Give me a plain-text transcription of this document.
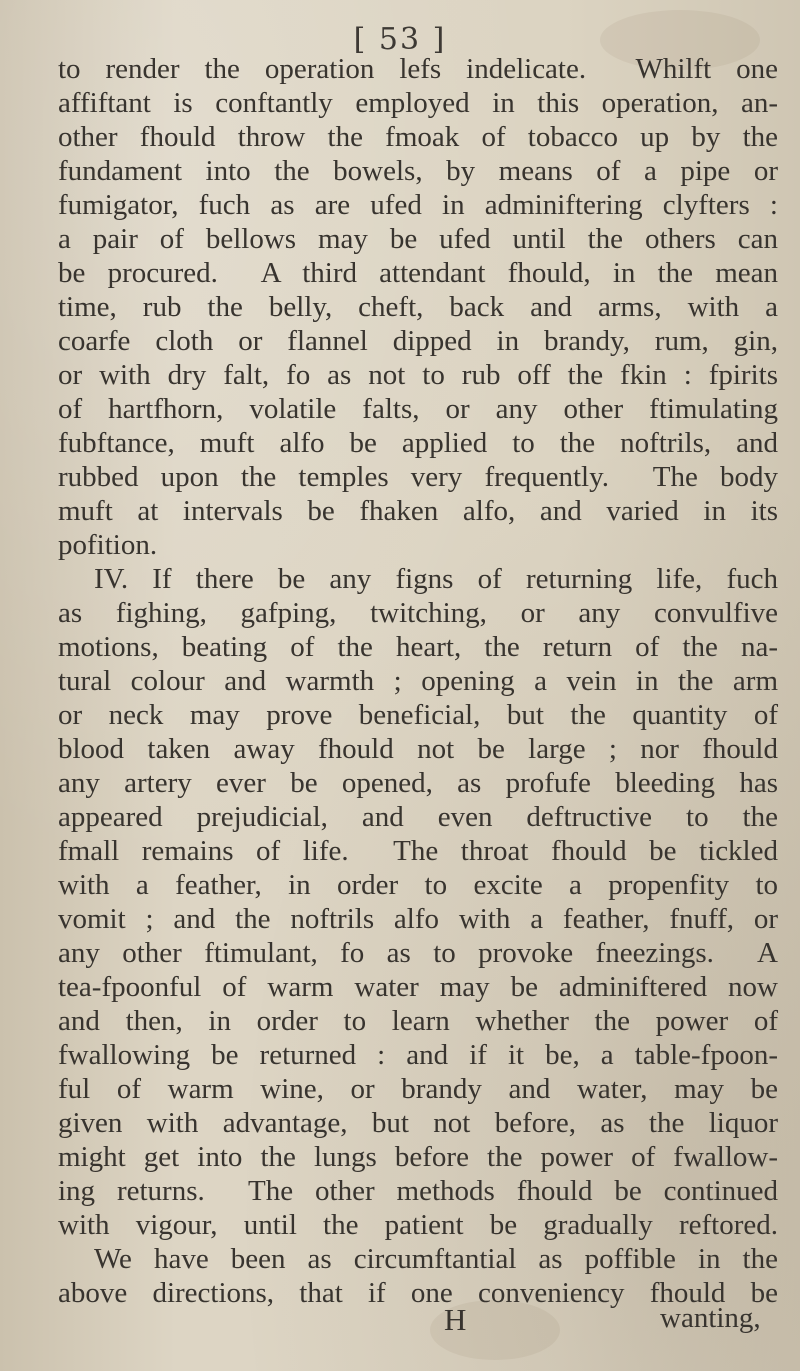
[ 53 ]
to render the operation lefs indelicate.  Whilft one
affiftant is conftantly employed in this operation, an-
other fhould throw the fmoak of tobacco up by the
fundament into the bowels, by means of a pipe or
fumigator, fuch as are ufed in adminiftering clyfters :
a pair of bellows may be ufed until the others can
be procured.  A third attendant fhould, in the mean
time, rub the belly, cheft, back and arms, with a
coarfe cloth or flannel dipped in brandy, rum, gin,
or with dry falt, fo as not to rub off the fkin : fpirits
of hartfhorn, volatile falts, or any other ftimulating
fubftance, muft alfo be applied to the noftrils, and
rubbed upon the temples very frequently.  The body
muft at intervals be fhaken alfo, and varied in its
pofition.
IV. If there be any figns of returning life, fuch
as fighing, gafping, twitching, or any convulfive
motions, beating of the heart, the return of the na-
tural colour and warmth ; opening a vein in the arm
or neck may prove beneficial, but the quantity of
blood taken away fhould not be large ; nor fhould
any artery ever be opened, as profufe bleeding has
appeared prejudicial, and even deftructive to the
fmall remains of life.  The throat fhould be tickled
with a feather, in order to excite a propenfity to
vomit ; and the noftrils alfo with a feather, fnuff, or
any other ftimulant, fo as to provoke fneezings.  A
tea-fpoonful of warm water may be adminiftered now
and then, in order to learn whether the power of
fwallowing be returned : and if it be, a table-fpoon-
ful of warm wine, or brandy and water, may be
given with advantage, but not before, as the liquor
might get into the lungs before the power of fwallow-
ing returns.  The other methods fhould be continued
with vigour, until the patient be gradually reftored.
We have been as circumftantial as poffible in the
above directions, that if one conveniency fhould be
H	wanting,
